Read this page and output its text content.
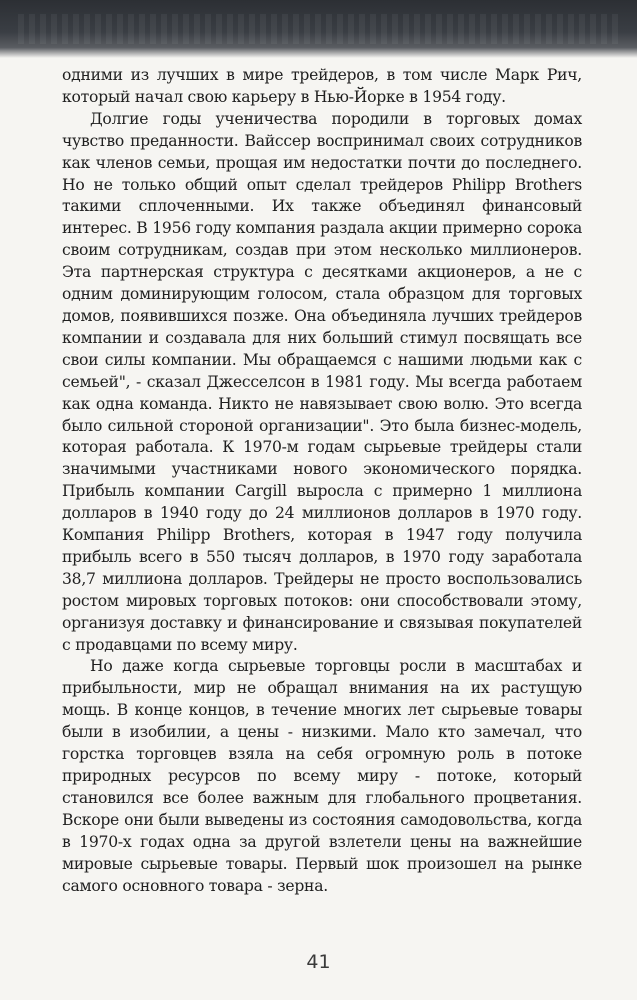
одними из лучших в мире трейдеров, в том числе Марк Рич, который начал свою карьеру в Нью-Йорке в 1954 году.

Долгие годы ученичества породили в торговых домах чувство преданности. Вайссер воспринимал своих сотрудников как членов семьи, прощая им недостатки почти до последнего. Но не только общий опыт сделал трейдеров Philipp Brothers такими сплоченными. Их также объединял финансовый интерес. В 1956 году компания раздала акции примерно сорока своим сотрудникам, создав при этом несколько миллионеров. Эта партнерская структура с десятками акционеров, а не с одним доминирующим голосом, стала образцом для торговых домов, появившихся позже. Она объединяла лучших трейдеров компании и создавала для них больший стимул посвящать все свои силы компании. Мы обращаемся с нашими людьми как с семьей", - сказал Джесселсон в 1981 году. Мы всегда работаем как одна команда. Никто не навязывает свою волю. Это всегда было сильной стороной организации". Это была бизнес-модель, которая работала. К 1970-м годам сырьевые трейдеры стали значимыми участниками нового экономического порядка. Прибыль компании Cargill выросла с примерно 1 миллиона долларов в 1940 году до 24 миллионов долларов в 1970 году. Компания Philipp Brothers, которая в 1947 году получила прибыль всего в 550 тысяч долларов, в 1970 году заработала 38,7 миллиона долларов. Трейдеры не просто воспользовались ростом мировых торговых потоков: они способствовали этому, организуя доставку и финансирование и связывая покупателей с продавцами по всему миру.

Но даже когда сырьевые торговцы росли в масштабах и прибыльности, мир не обращал внимания на их растущую мощь. В конце концов, в течение многих лет сырьевые товары были в изобилии, а цены - низкими. Мало кто замечал, что горстка торговцев взяла на себя огромную роль в потоке природных ресурсов по всему миру - потоке, который становился все более важным для глобального процветания. Вскоре они были выведены из состояния самодовольства, когда в 1970-х годах одна за другой взлетели цены на важнейшие мировые сырьевые товары. Первый шок произошел на рынке самого основного товара - зерна.

41
